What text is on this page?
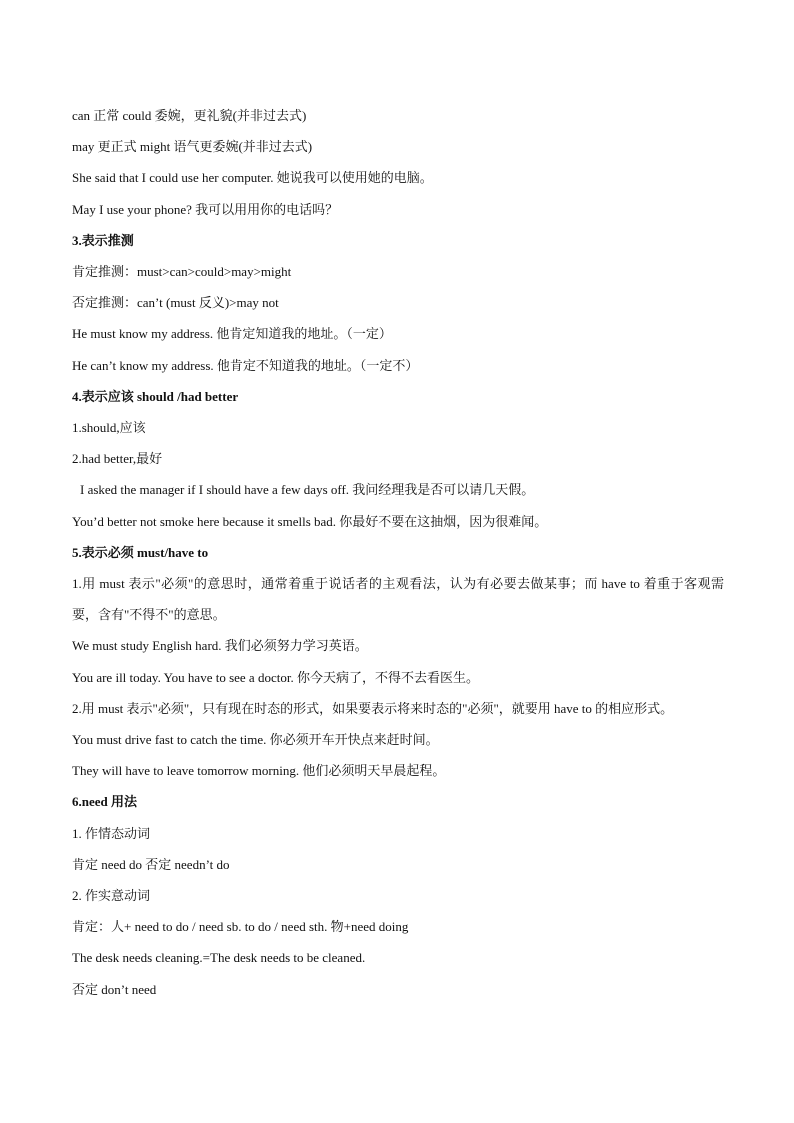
can 正常 could 委婉，更礼貌(并非过去式)
may 更正式 might 语气更委婉(并非过去式)
She said that I could use her computer. 她说我可以使用她的电脑。
May I use your phone? 我可以用用你的电话吗？
3.表示推测
肯定推测：must>can>could>may>might
否定推测：can’t (must 反义)>may not
He must know my address. 他肯定知道我的地址。（一定）
He can’t know my address. 他肯定不知道我的地址。（一定不）
4.表示应该 should /had better
1.should,应该
2.had better,最好
I asked the manager if I should have a few days off. 我问经理我是否可以请几天假。
You’d better not smoke here because it smells bad. 你最好不要在这抽烟，因为很难闻。
5.表示必须 must/have to
1.用 must 表示"必须"的意思时，通常着重于说话者的主观看法，认为有必要去做某事；而 have to 着重于客观需要，含有"不得不"的意思。
We must study English hard. 我们必须努力学习英语。
You are ill today. You have to see a doctor. 你今天病了，不得不去看医生。
2.用 must 表示"必须"，只有现在时态的形式，如果要表示将来时态的"必须"，就要用 have to 的相应形式。
You must drive fast to catch the time. 你必须开车开快点来赶时间。
They will have to leave tomorrow morning. 他们必须明天早晨起程。
6.need 用法
1. 作情态动词
肯定 need do 否定 needn’t do
2. 作实意动词
肯定：人+ need to do / need sb. to do / need sth. 物+need doing
The desk needs cleaning.=The desk needs to be cleaned.
否定 don’t need
